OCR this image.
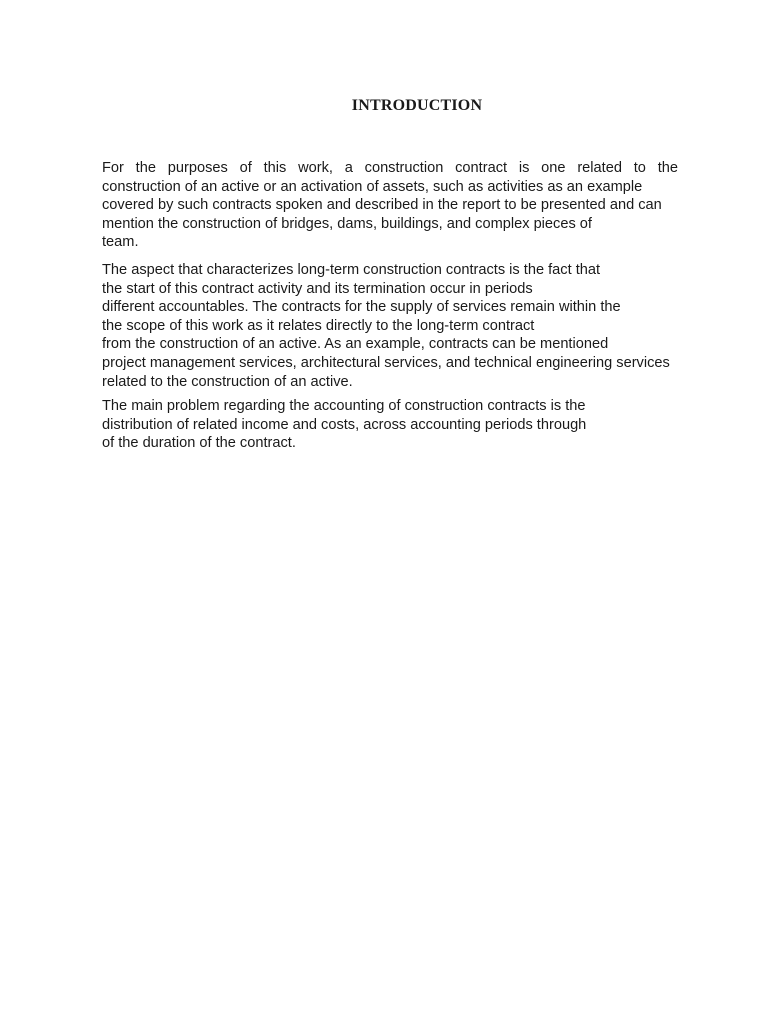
INTRODUCTION
For the purposes of this work, a construction contract is one related to the
construction of an active or an activation of assets, such as activities as an example
covered by such contracts spoken and described in the report to be presented and can
mention the construction of bridges, dams, buildings, and complex pieces of
team.
The aspect that characterizes long-term construction contracts is the fact that
the start of this contract activity and its termination occur in periods
different accountables. The contracts for the supply of services remain within the
the scope of this work as it relates directly to the long-term contract
from the construction of an active. As an example, contracts can be mentioned
project management services, architectural services, and technical engineering services
related to the construction of an active.
The main problem regarding the accounting of construction contracts is the
distribution of related income and costs, across accounting periods through
of the duration of the contract.
